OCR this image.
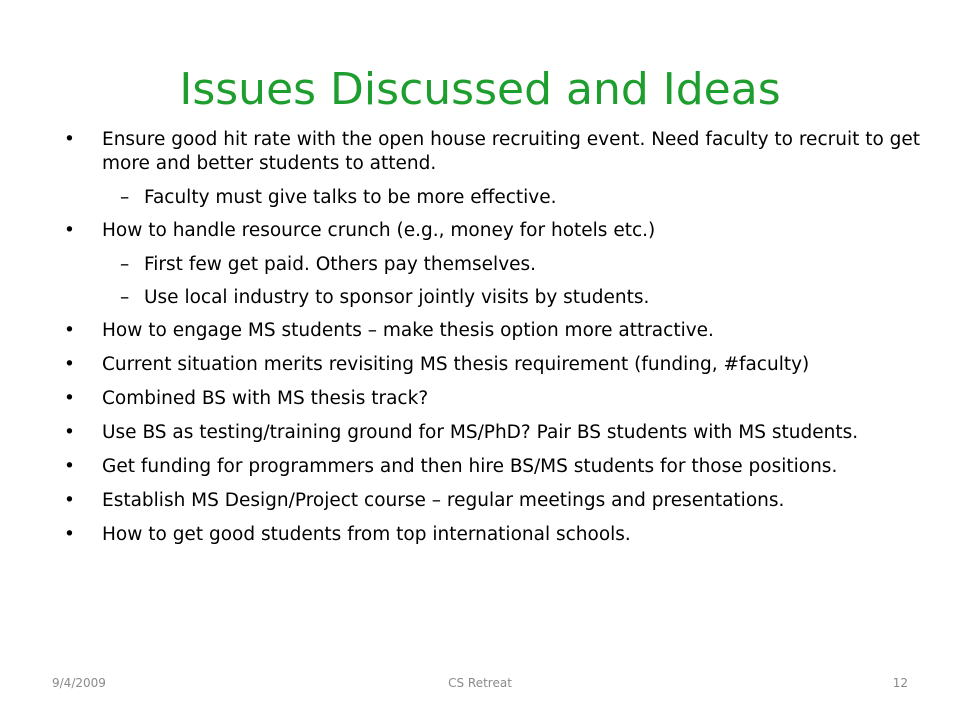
Issues Discussed and Ideas
• Ensure good hit rate with the open house recruiting event. Need faculty to recruit to get more and better students to attend.
– Faculty must give talks to be more effective.
• How to handle resource crunch (e.g., money for hotels etc.)
– First few get paid. Others pay themselves.
– Use local industry to sponsor jointly visits by students.
• How to engage MS students – make thesis option more attractive.
• Current situation merits revisiting MS thesis requirement (funding, #faculty)
• Combined BS with MS thesis track?
• Use BS as testing/training ground for MS/PhD? Pair BS students with MS students.
• Get funding for programmers and then hire BS/MS students for those positions.
• Establish MS Design/Project course – regular meetings and presentations.
• How to get good students from top international schools.
9/4/2009	CS Retreat	12
